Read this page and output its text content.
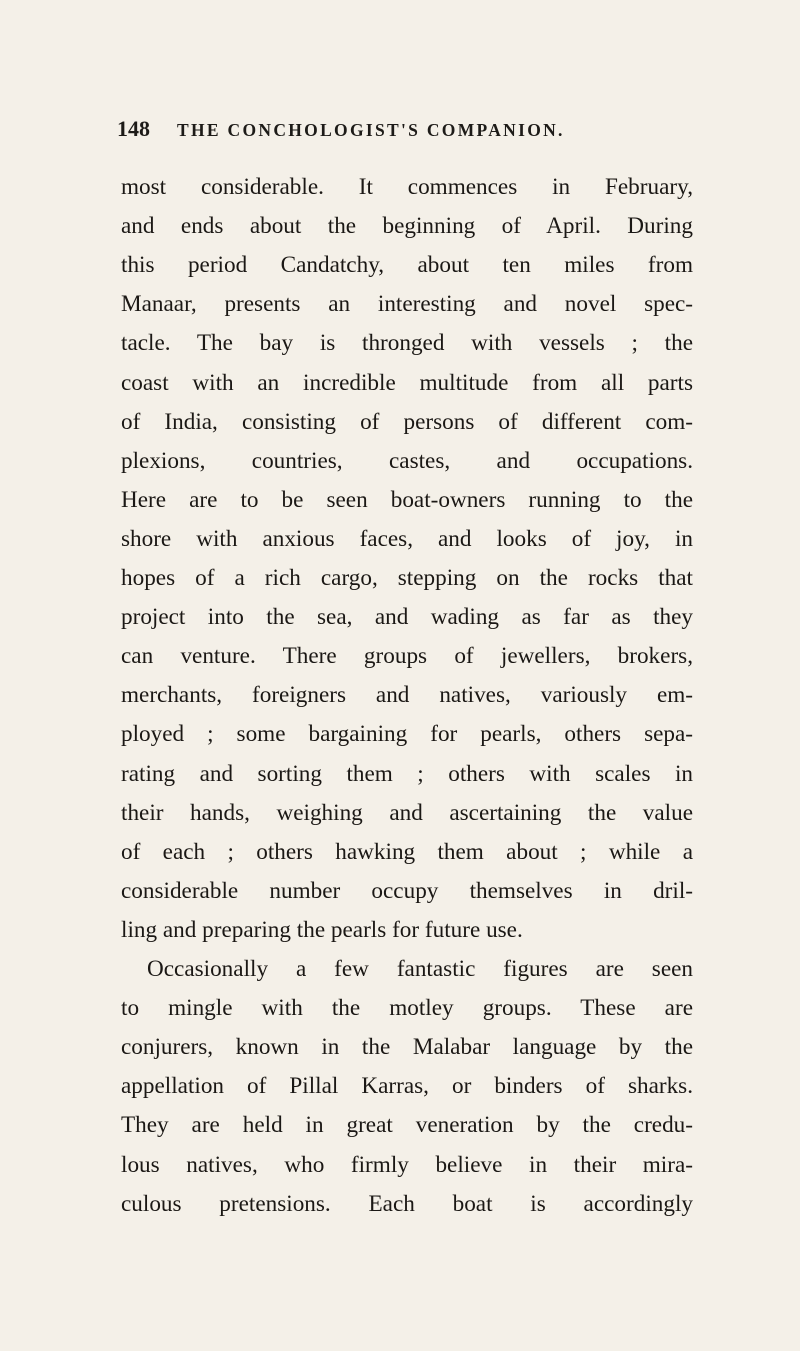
148 THE CONCHOLOGIST'S COMPANION.
most considerable. It commences in February,
and ends about the beginning of April. During
this period Candatchy, about ten miles from
Manaar, presents an interesting and novel spec-
tacle. The bay is thronged with vessels ; the
coast with an incredible multitude from all parts
of India, consisting of persons of different com-
plexions, countries, castes, and occupations.
Here are to be seen boat-owners running to the
shore with anxious faces, and looks of joy, in
hopes of a rich cargo, stepping on the rocks that
project into the sea, and wading as far as they
can venture. There groups of jewellers, brokers,
merchants, foreigners and natives, variously em-
ployed ; some bargaining for pearls, others sepa-
rating and sorting them ; others with scales in
their hands, weighing and ascertaining the value
of each ; others hawking them about ; while a
considerable number occupy themselves in dril-
ling and preparing the pearls for future use.
Occasionally a few fantastic figures are seen
to mingle with the motley groups. These are
conjurers, known in the Malabar language by the
appellation of Pillal Karras, or binders of sharks.
They are held in great veneration by the credu-
lous natives, who firmly believe in their mira-
culous pretensions. Each boat is accordingly
